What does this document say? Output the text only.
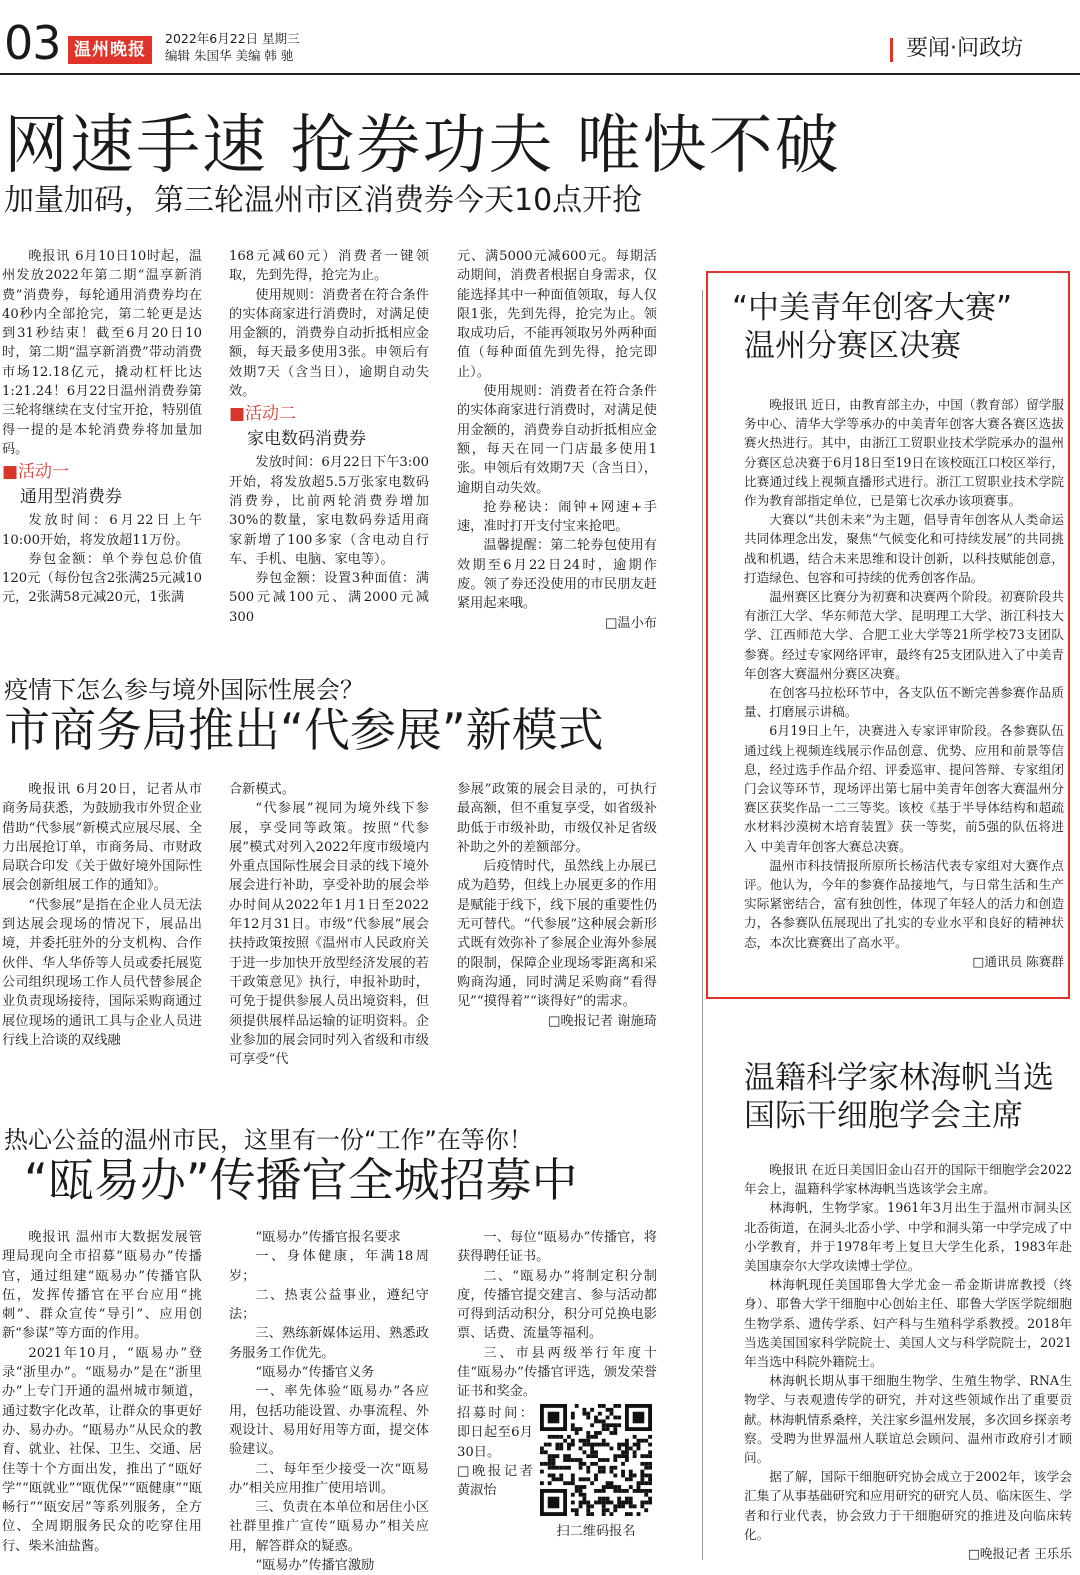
03 温州晚报
2022年6月22日 星期三
编辑 朱国华 美编 韩 驰	要闻·问政坊
网速手速 抢券功夫 唯快不破
加量加码，第三轮温州市区消费券今天10点开抢

晚报讯 6月10日10时起，温州发放2022年第二期“温享新消费”消费券，每轮通用消费券均在40秒内全部抢完，第二轮更是达到31秒结束！截至6月20日10时，第二期“温享新消费”带动消费市场12.18亿元，撬动杠杆比达1:21.24！6月22日温州消费券第三轮将继续在支付宝开抢，特别值得一提的是本轮消费券将加量加码。

■活动一
通用型消费券

发放时间：6月22日上午10:00开始，将发放超11万份。

券包金额：单个券包总价值120元（每份包含2张满25元减10元，2张满58元减20元，1张满

168元减60元）消费者一键领取，先到先得，抢完为止。

使用规则：消费者在符合条件的实体商家进行消费时，对满足使用金额的，消费券自动折抵相应金额，每天最多使用3张。申领后有效期7天（含当日），逾期自动失效。

■活动二
家电数码消费券

发放时间：6月22日下午3:00开始，将发放超5.5万张家电数码消费券，比前两轮消费券增加30%的数量，家电数码券适用商家新增了100多家（含电动自行车、手机、电脑、家电等）。

券包金额：设置3种面值：满500元减100元、满2000元减300

元、满5000元减600元。每期活动期间，消费者根据自身需求，仅能选择其中一种面值领取，每人仅限1张，先到先得，抢完为止。领取成功后，不能再领取另外两种面值（每种面值先到先得，抢完即止）。

使用规则：消费者在符合条件的实体商家进行消费时，对满足使用金额的，消费券自动折抵相应金额，每天在同一门店最多使用1张。申领后有效期7天（含当日），逾期自动失效。

抢券秘诀：闹钟+网速+手速，准时打开支付宝来抢吧。

温馨提醒：第二轮券包使用有效期至6月22日24时，逾期作废。领了券还没使用的市民朋友赶紧用起来哦。

□温小布
疫情下怎么参与境外国际性展会？
市商务局推出“代参展”新模式

晚报讯 6月20日，记者从市商务局获悉，为鼓励我市外贸企业借助“代参展”新模式应展尽展、全力出展抢订单，市商务局、市财政局联合印发《关于做好境外国际性展会创新组展工作的通知》。

“代参展”是指在企业人员无法到达展会现场的情况下，展品出境，并委托驻外的分支机构、合作伙伴、华人华侨等人员或委托展览公司组织现场工作人员代替参展企业负责现场接待，国际采购商通过展位现场的通讯工具与企业人员进行线上洽谈的双线融

合新模式。

“代参展”视同为境外线下参展，享受同等政策。按照“代参展”模式对列入2022年度市级境内外重点国际性展会目录的线下境外展会进行补助，享受补助的展会举办时间从2022年1月1日至2022年12月31日。市级“代参展”展会扶持政策按照《温州市人民政府关于进一步加快开放型经济发展的若干政策意见》执行，申报补助时，可免于提供参展人员出境资料，但须提供展样品运输的证明资料。企业参加的展会同时列入省级和市级可享受“代

参展”政策的展会目录的，可执行最高额，但不重复享受，如省级补助低于市级补助，市级仅补足省级补助之外的差额部分。

后疫情时代，虽然线上办展已成为趋势，但线上办展更多的作用是赋能于线下，线下展的重要性仍无可替代。“代参展”这种展会新形式既有效弥补了参展企业海外参展的限制，保障企业现场零距离和采购商沟通，同时满足采购商“看得见”“摸得着”“谈得好”的需求。

□晚报记者 谢施琦
热心公益的温州市民，这里有一份“工作”在等你！
“瓯易办”传播官全城招募中

晚报讯 温州市大数据发展管理局现向全市招募“瓯易办”传播官，通过组建“瓯易办”传播官队伍，发挥传播官在平台应用“挑刺”、群众宣传“导引”、应用创新“参谋”等方面的作用。

2021年10月，“瓯易办”登录“浙里办”。“瓯易办”是在“浙里办”上专门开通的温州城市频道，通过数字化改革，让群众的事更好办、易办办。“瓯易办”从民众的教育、就业、社保、卫生、交通、居住等十个方面出发，推出了“瓯好学”“瓯就业”“瓯优保”“瓯健康”“瓯畅行”“瓯安居”等系列服务，全方位、全周期服务民众的吃穿住用行、柴米油盐酱。

“瓯易办”传播官报名要求

一、身体健康，年满18周岁；

二、热衷公益事业，遵纪守法；

三、熟练新媒体运用、熟悉政务服务工作优先。

“瓯易办”传播官义务

一、率先体验“瓯易办”各应用，包括功能设置、办事流程、外观设计、易用好用等方面，提交体验建议。

二、每年至少接受一次“瓯易办”相关应用推广使用培训。

三、负责在本单位和居住小区社群里推广宣传“瓯易办”相关应用，解答群众的疑惑。

“瓯易办”传播官激励

一、每位“瓯易办”传播官，将获得聘任证书。

二、“瓯易办”将制定积分制度，传播官提交建言、参与活动都可得到活动积分，积分可兑换电影票、话费、流量等福利。

三、市县两级举行年度十佳“瓯易办”传播官评选，颁发荣誉证书和奖金。

招募时间：即日起至6月30日。

□晚报记者 黄淑怡

扫二维码报名
“中美青年创客大赛”
温州分赛区决赛

晚报讯 近日，由教育部主办，中国（教育部）留学服务中心、清华大学等承办的中美青年创客大赛各赛区选拔赛火热进行。其中，由浙江工贸职业技术学院承办的温州分赛区总决赛于6月18日至19日在该校瓯江口校区举行，比赛通过线上视频直播形式进行。浙江工贸职业技术学院作为教育部指定单位，已是第七次承办该项赛事。

大赛以“共创未来”为主题，倡导青年创客从人类命运共同体理念出发，聚焦“气候变化和可持续发展”的共同挑战和机遇，结合未来思维和设计创新，以科技赋能创意，打造绿色、包容和可持续的优秀创客作品。

温州赛区比赛分为初赛和决赛两个阶段。初赛阶段共有浙江大学、华东师范大学、昆明理工大学、浙江科技大学、江西师范大学、合肥工业大学等21所学校73支团队参赛。经过专家网络评审，最终有25支团队进入了中美青年创客大赛温州分赛区决赛。

在创客马拉松环节中，各支队伍不断完善参赛作品质量、打磨展示讲稿。

6月19日上午，决赛进入专家评审阶段。各参赛队伍通过线上视频连线展示作品创意、优势、应用和前景等信息，经过选手作品介绍、评委巡审、提问答辩、专家组闭门会议等环节，现场评出第七届中美青年创客大赛温州分赛区获奖作品一二三等奖。该校《基于半导体结构和超疏水材料沙漠树木培育装置》获一等奖，前5强的队伍将进入 中美青年创客大赛总决赛。

温州市科技情报所原所长杨洁代表专家组对大赛作点评。他认为，今年的参赛作品接地气，与日常生活和生产实际紧密结合，富有独创性，体现了年轻人的活力和创造力，各参赛队伍展现出了扎实的专业水平和良好的精神状态，本次比赛赛出了高水平。

□通讯员 陈赛群
温籍科学家林海帆当选
国际干细胞学会主席

晚报讯 在近日美国旧金山召开的国际干细胞学会2022年会上，温籍科学家林海帆当选该学会主席。

林海帆，生物学家。1961年3月出生于温州市洞头区北岙街道，在洞头北岙小学、中学和洞头第一中学完成了中小学教育，并于1978年考上复旦大学生化系，1983年赴美国康奈尔大学攻读博士学位。

林海帆现任美国耶鲁大学尤金－希金斯讲席教授（终身）、耶鲁大学干细胞中心创始主任、耶鲁大学医学院细胞生物学系、遗传学系、妇产科与生殖科学系教授。2018年当选美国国家科学院院士、美国人文与科学院院士，2021年当选中科院外籍院士。

林海帆长期从事干细胞生物学、生殖生物学、RNA生物学、与表观遗传学的研究，并对这些领域作出了重要贡献。林海帆情系桑梓，关注家乡温州发展，多次回乡探亲考察。受聘为世界温州人联谊总会顾问、温州市政府引才顾问。

据了解，国际干细胞研究协会成立于2002年，该学会汇集了从事基础研究和应用研究的研究人员、临床医生、学者和行业代表，协会致力于干细胞研究的推进及向临床转化。

□晚报记者 王乐乐
